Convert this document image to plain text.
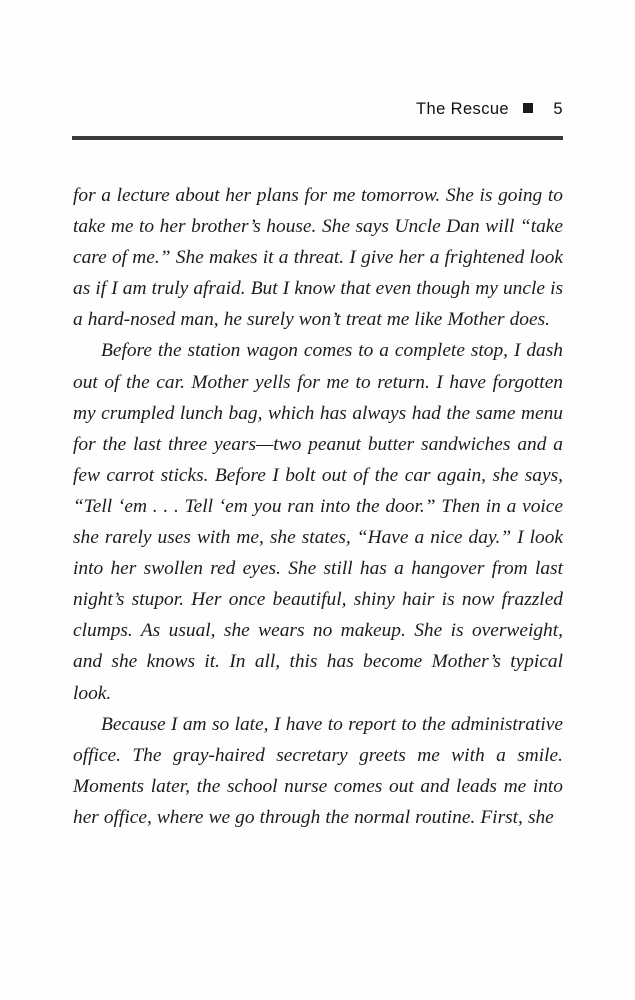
The Rescue	5

for a lecture about her plans for me tomorrow. She is going to take me to her brother’s house. She says Uncle Dan will “take care of me.” She makes it a threat. I give her a frightened look as if I am truly afraid. But I know that even though my uncle is a hard-nosed man, he surely won’t treat me like Mother does.

Before the station wagon comes to a complete stop, I dash out of the car. Mother yells for me to return. I have forgotten my crumpled lunch bag, which has always had the same menu for the last three years—two peanut butter sandwiches and a few carrot sticks. Before I bolt out of the car again, she says, “Tell ‘em . . . Tell ‘em you ran into the door.” Then in a voice she rarely uses with me, she states, “Have a nice day.” I look into her swollen red eyes. She still has a hangover from last night’s stupor. Her once beautiful, shiny hair is now frazzled clumps. As usual, she wears no makeup. She is overweight, and she knows it. In all, this has become Mother’s typical look.

Because I am so late, I have to report to the administrative office. The gray-haired secretary greets me with a smile. Moments later, the school nurse comes out and leads me into her office, where we go through the normal routine. First, she
